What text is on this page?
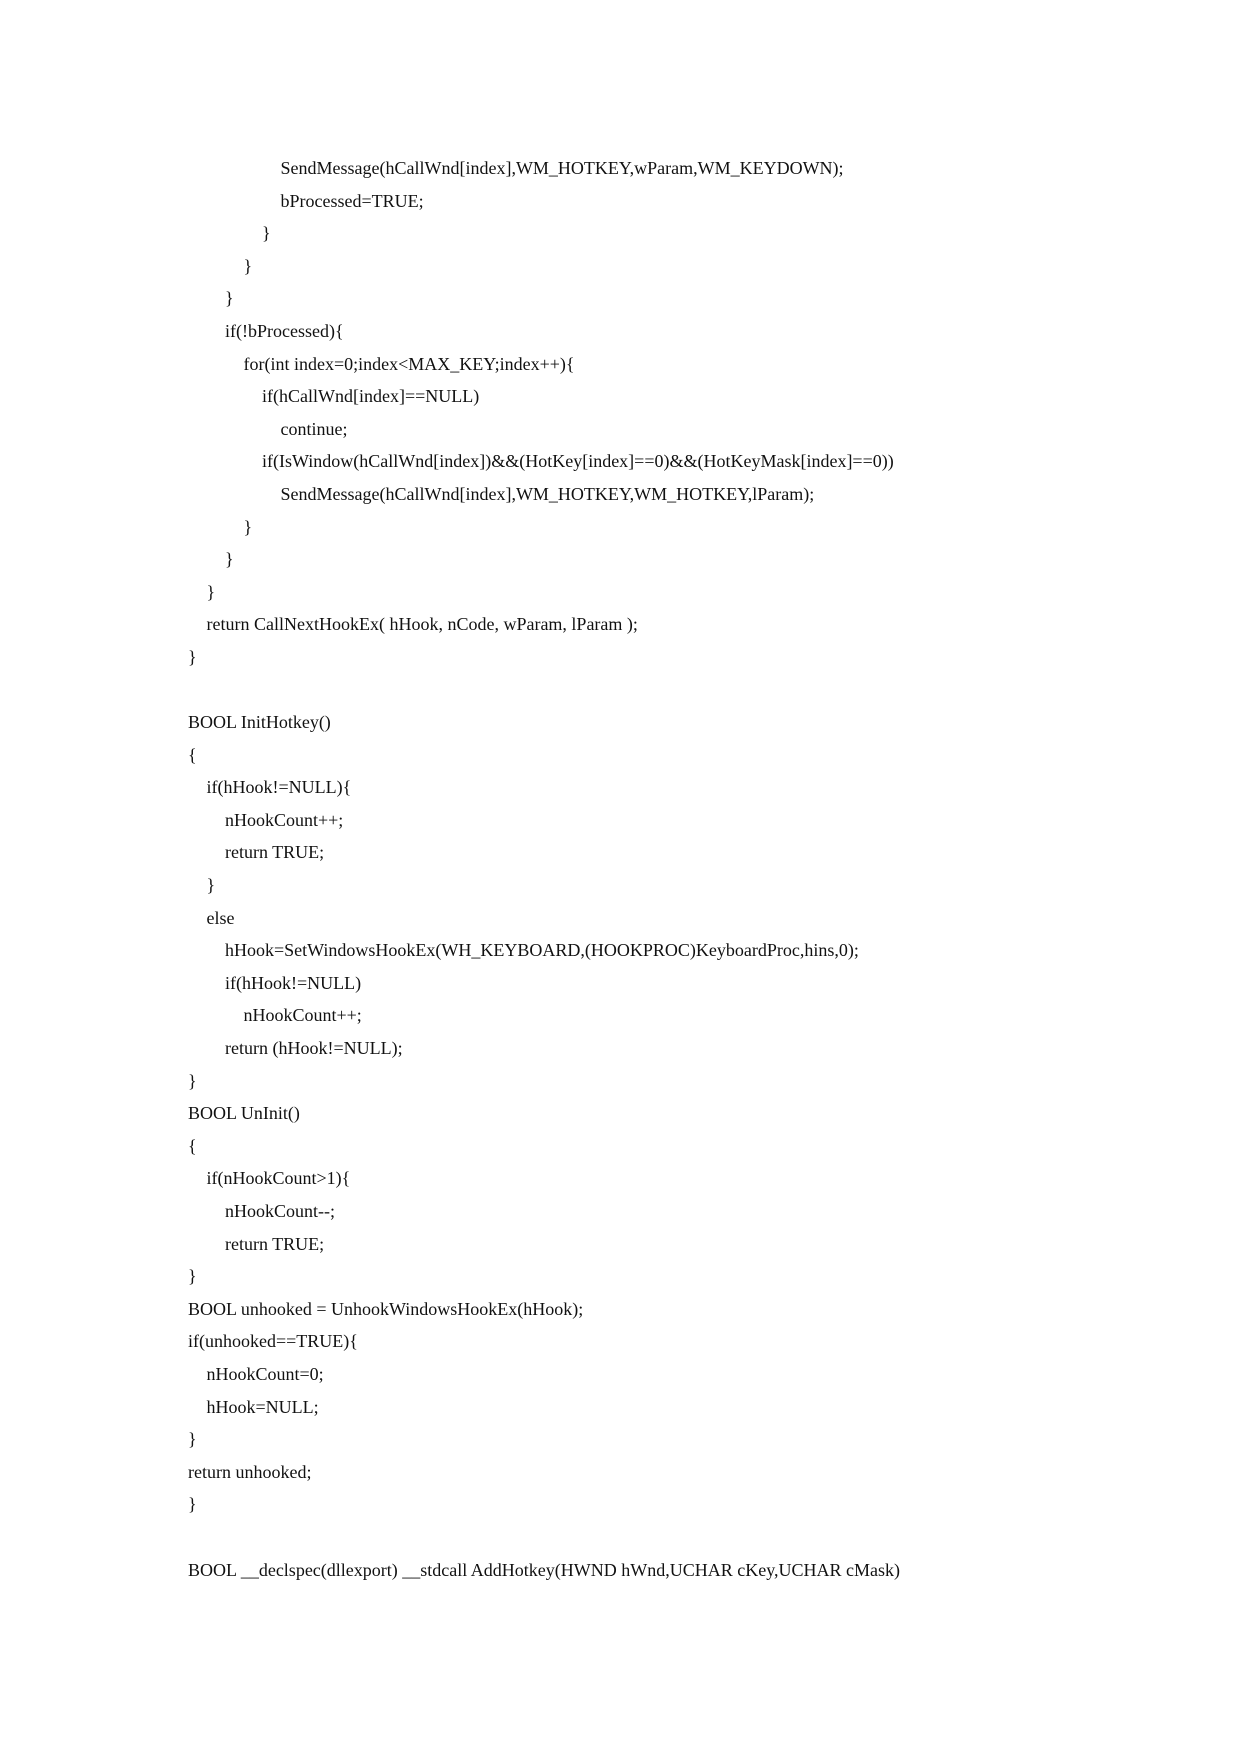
SendMessage(hCallWnd[index],WM_HOTKEY,wParam,WM_KEYDOWN);
bProcessed=TRUE;
}
}
}
if(!bProcessed){
for(int index=0;index<MAX_KEY;index++){
if(hCallWnd[index]==NULL)
continue;
if(IsWindow(hCallWnd[index])&&(HotKey[index]==0)&&(HotKeyMask[index]==0))
SendMessage(hCallWnd[index],WM_HOTKEY,WM_HOTKEY,lParam);
}
}
}
return CallNextHookEx( hHook, nCode, wParam, lParam );
}
BOOL InitHotkey()
{
if(hHook!=NULL){
nHookCount++;
return TRUE;
}
else
hHook=SetWindowsHookEx(WH_KEYBOARD,(HOOKPROC)KeyboardProc,hins,0);
if(hHook!=NULL)
nHookCount++;
return (hHook!=NULL);
}
BOOL UnInit()
{
if(nHookCount>1){
nHookCount--;
return TRUE;
}
BOOL unhooked = UnhookWindowsHookEx(hHook);
if(unhooked==TRUE){
nHookCount=0;
hHook=NULL;
}
return unhooked;
}
BOOL __declspec(dllexport) __stdcall AddHotkey(HWND hWnd,UCHAR cKey,UCHAR cMask)
